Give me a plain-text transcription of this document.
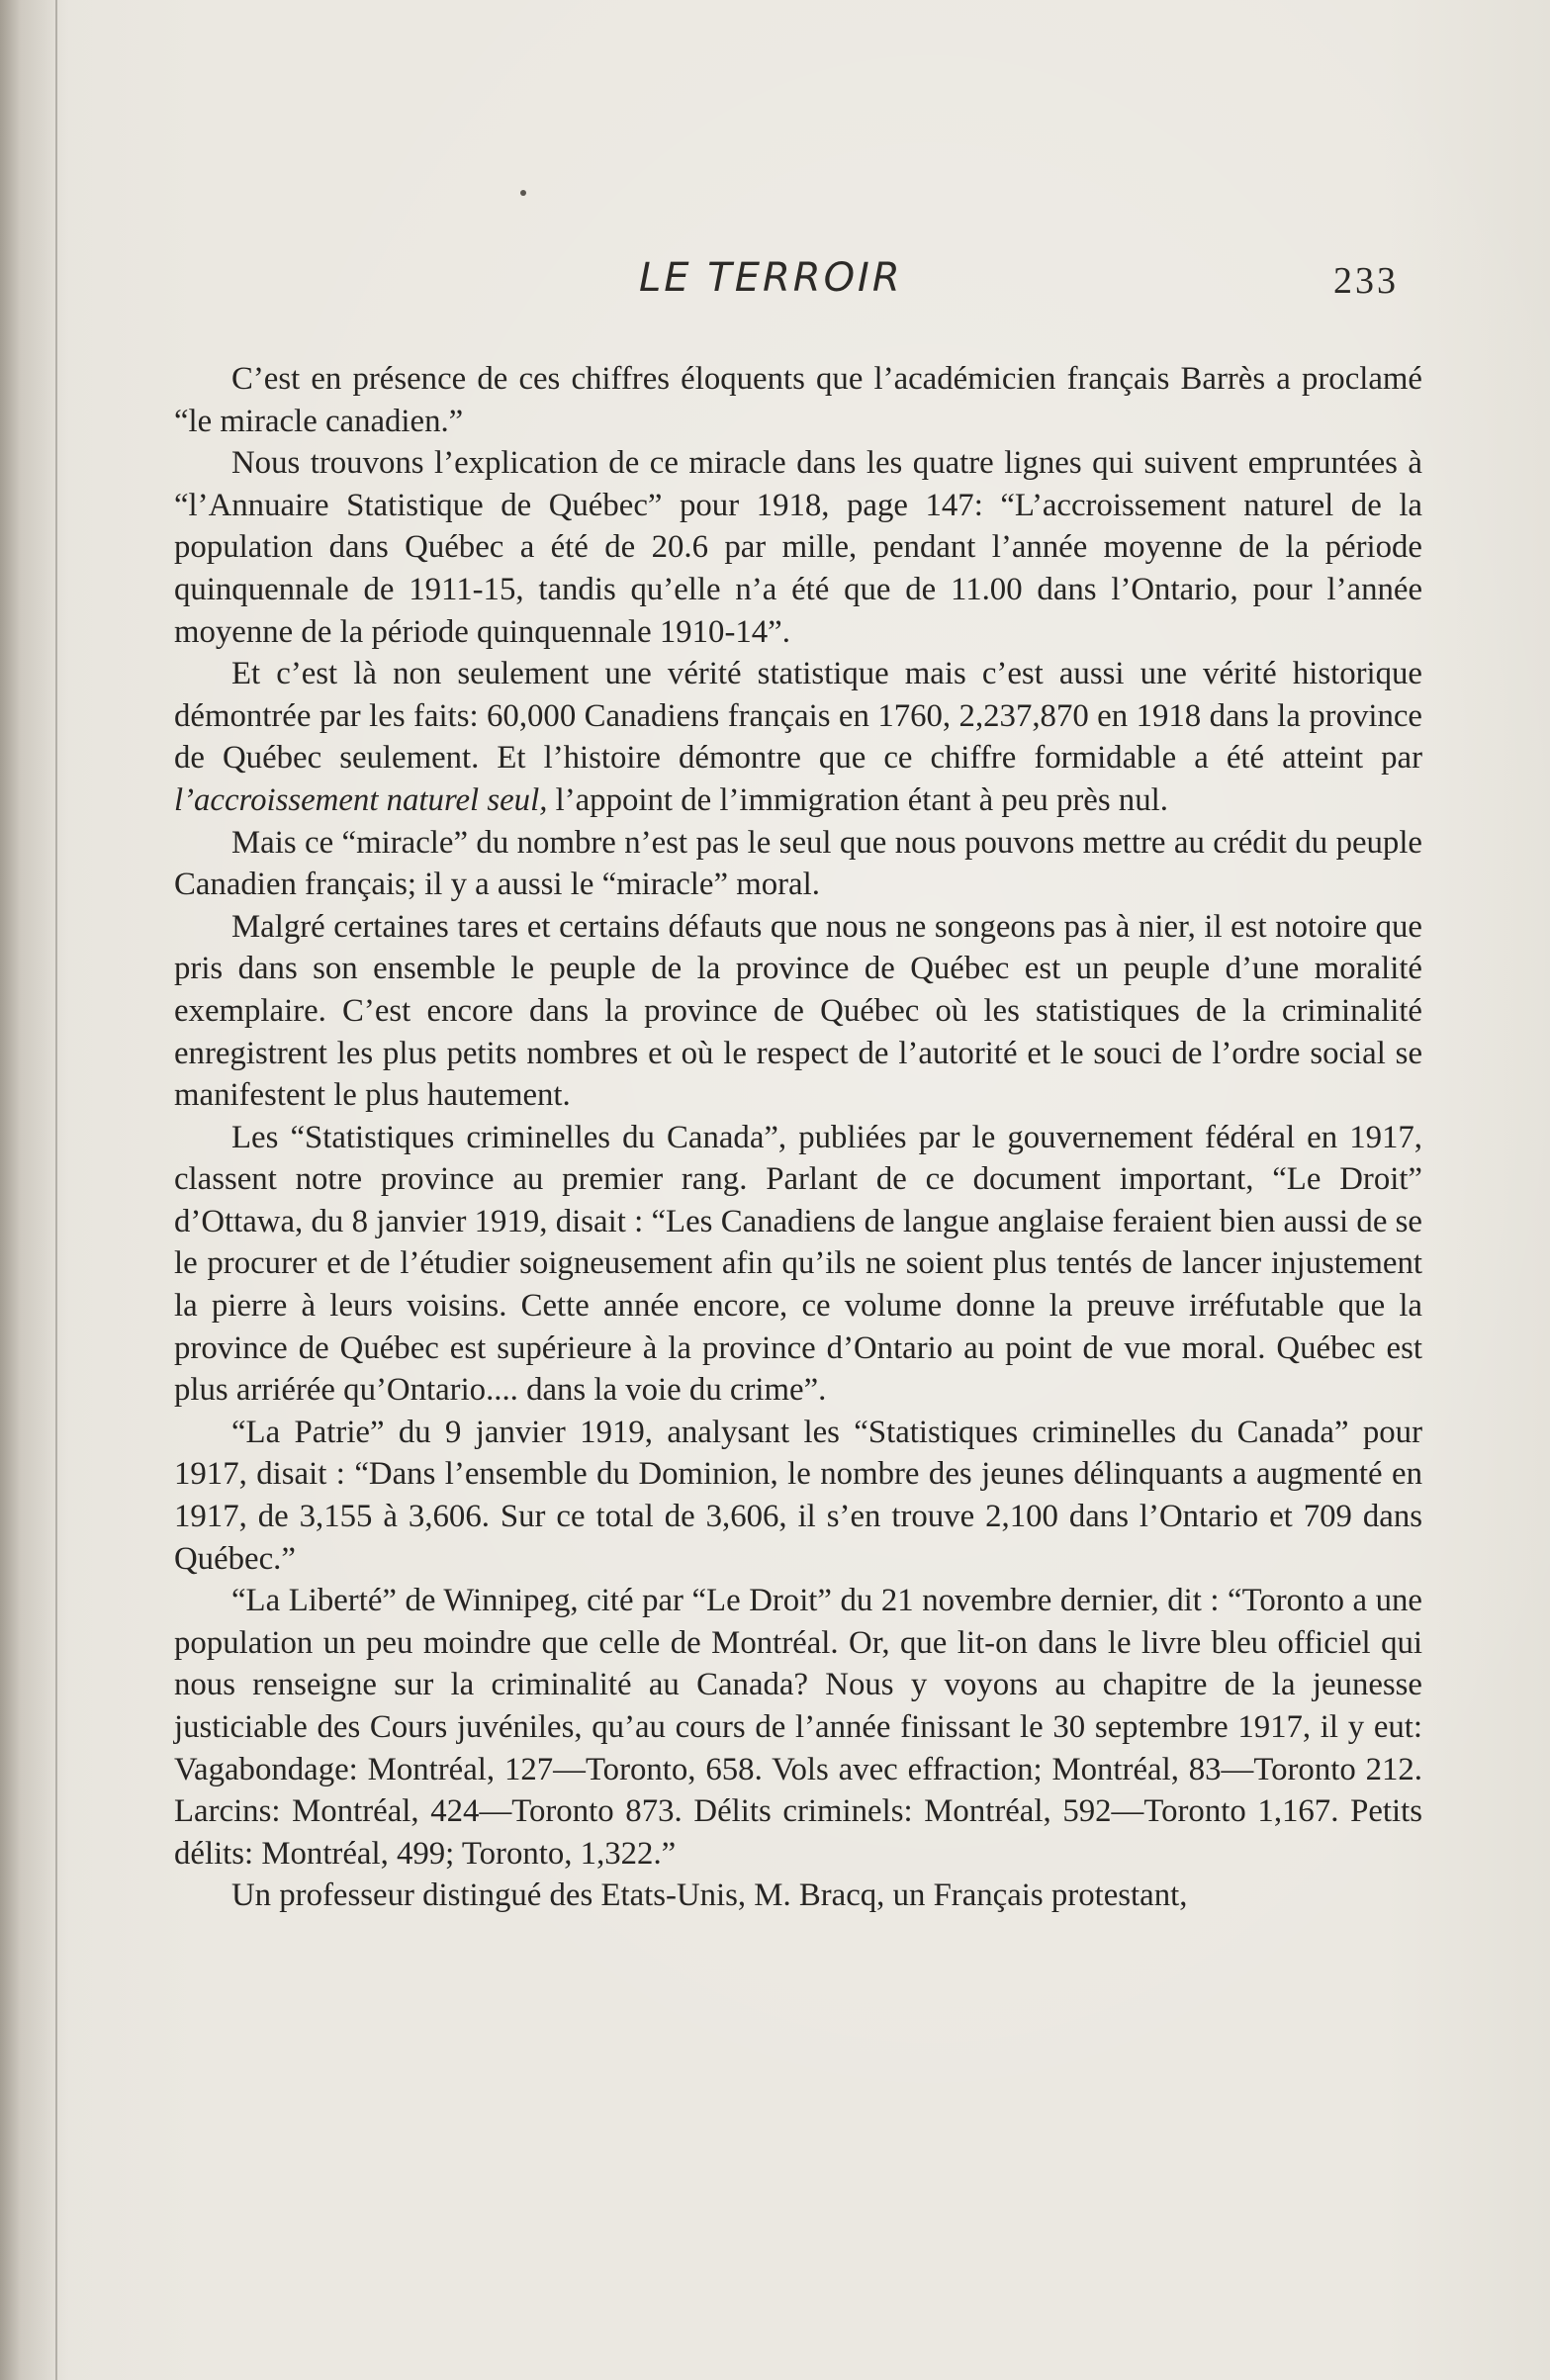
LE TERROIR	233

C’est en présence de ces chiffres éloquents que l’académicien français Barrès a proclamé “le miracle canadien.”

Nous trouvons l’explication de ce miracle dans les quatre lignes qui suivent empruntées à “l’Annuaire Statistique de Québec” pour 1918, page 147: “L’accroissement naturel de la population dans Québec a été de 20.6 par mille, pendant l’année moyenne de la période quinquennale de 1911-15, tandis qu’elle n’a été que de 11.00 dans l’Ontario, pour l’année moyenne de la période quinquennale 1910-14”.

Et c’est là non seulement une vérité statistique mais c’est aussi une vérité historique démontrée par les faits: 60,000 Canadiens français en 1760, 2,237,870 en 1918 dans la province de Québec seulement. Et l’histoire démontre que ce chiffre formidable a été atteint par l’accroissement naturel seul, l’appoint de l’immigration étant à peu près nul.

Mais ce “miracle” du nombre n’est pas le seul que nous pouvons mettre au crédit du peuple Canadien français; il y a aussi le “miracle” moral.

Malgré certaines tares et certains défauts que nous ne songeons pas à nier, il est notoire que pris dans son ensemble le peuple de la province de Québec est un peuple d’une moralité exemplaire. C’est encore dans la province de Québec où les statistiques de la criminalité enregistrent les plus petits nombres et où le respect de l’autorité et le souci de l’ordre social se manifestent le plus hautement.

Les “Statistiques criminelles du Canada”, publiées par le gouvernement fédéral en 1917, classent notre province au premier rang. Parlant de ce document important, “Le Droit” d’Ottawa, du 8 janvier 1919, disait : “Les Canadiens de langue anglaise feraient bien aussi de se le procurer et de l’étudier soigneusement afin qu’ils ne soient plus tentés de lancer injustement la pierre à leurs voisins. Cette année encore, ce volume donne la preuve irréfutable que la province de Québec est supérieure à la province d’Ontario au point de vue moral. Québec est plus arriérée qu’Ontario.... dans la voie du crime”.

“La Patrie” du 9 janvier 1919, analysant les “Statistiques criminelles du Canada” pour 1917, disait : “Dans l’ensemble du Dominion, le nombre des jeunes délinquants a augmenté en 1917, de 3,155 à 3,606. Sur ce total de 3,606, il s’en trouve 2,100 dans l’Ontario et 709 dans Québec.”

“La Liberté” de Winnipeg, cité par “Le Droit” du 21 novembre dernier, dit : “Toronto a une population un peu moindre que celle de Montréal. Or, que lit-on dans le livre bleu officiel qui nous renseigne sur la criminalité au Canada? Nous y voyons au chapitre de la jeunesse justiciable des Cours juvéniles, qu’au cours de l’année finissant le 30 septembre 1917, il y eut: Vagabondage: Montréal, 127—Toronto, 658. Vols avec effraction; Montréal, 83—Toronto 212. Larcins: Montréal, 424—Toronto 873. Délits criminels: Montréal, 592—Toronto 1,167. Petits délits: Montréal, 499; Toronto, 1,322.”

Un professeur distingué des Etats-Unis, M. Bracq, un Français protestant,
